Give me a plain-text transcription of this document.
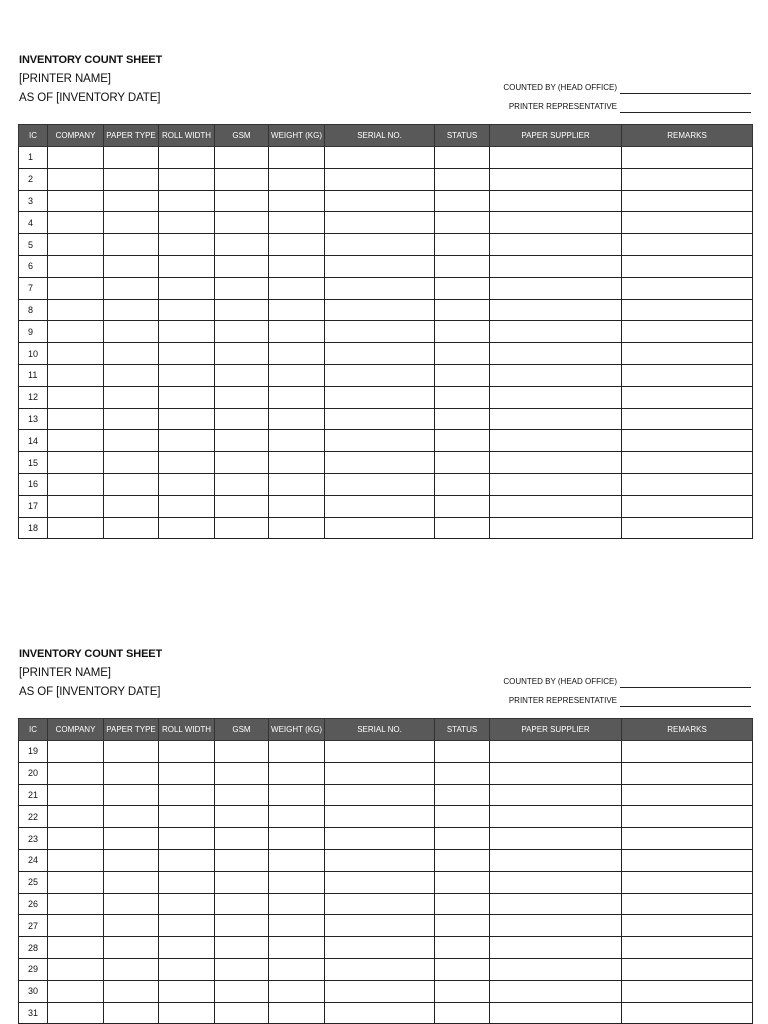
INVENTORY COUNT SHEET
[PRINTER NAME]
AS OF [INVENTORY DATE]
COUNTED BY (HEAD OFFICE)
PRINTER REPRESENTATIVE
IC	COMPANY	PAPER TYPE	ROLL WIDTH	GSM	WEIGHT (KG)	SERIAL NO.	STATUS	PAPER SUPPLIER	REMARKS
1									
2									
3									
4									
5									
6									
7									
8									
9									
10									
11									
12									
13									
14									
15									
16									
17									
18									
INVENTORY COUNT SHEET
[PRINTER NAME]
AS OF [INVENTORY DATE]
COUNTED BY (HEAD OFFICE)
PRINTER REPRESENTATIVE
IC	COMPANY	PAPER TYPE	ROLL WIDTH	GSM	WEIGHT (KG)	SERIAL NO.	STATUS	PAPER SUPPLIER	REMARKS
19									
20									
21									
22									
23									
24									
25									
26									
27									
28									
29									
30									
31									
